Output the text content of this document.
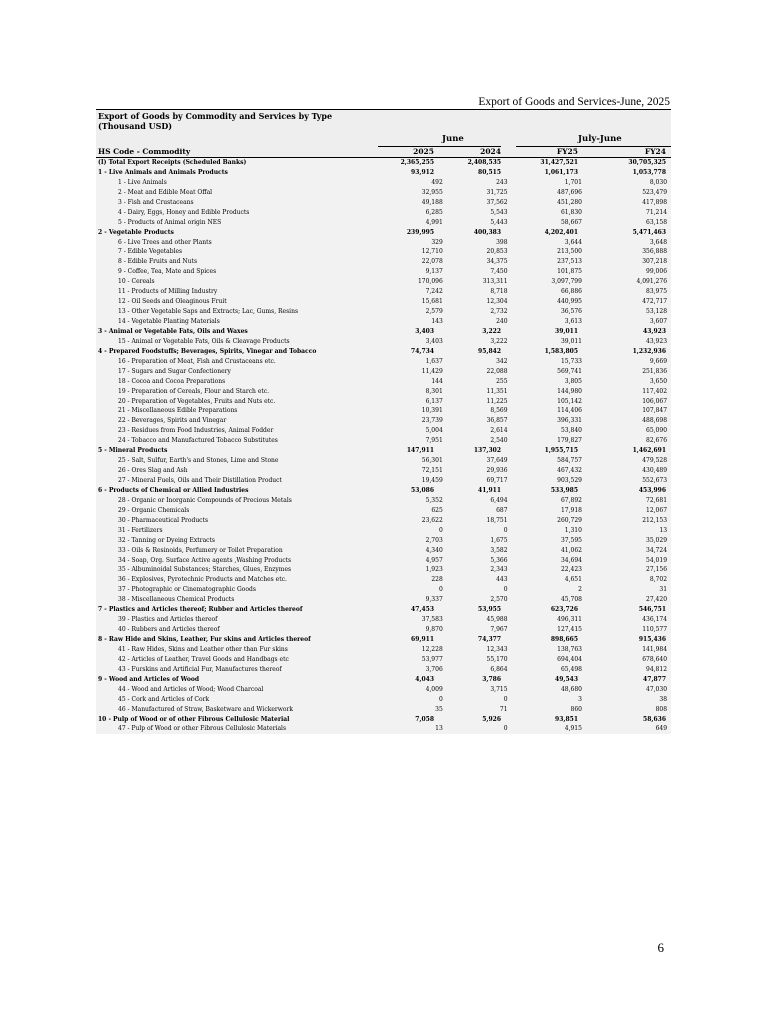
Export of Goods and Services-June, 2025
Export of Goods by Commodity and Services by Type
(Thousand USD)
June	July-June
HS Code - Commodity	2025	2024	FY25	FY24
(I) Total Export Receipts (Scheduled Banks)	2,365,255	2,408,535	31,427,521	30,705,325
1 - Live Animals and Animals Products	93,912	80,515	1,061,173	1,053,778
1 - Live Animals	492	243	1,701	8,030
2 - Meat and Edible Meat Offal	32,955	31,725	487,696	523,479
3 - Fish and Crustaceans	49,188	37,562	451,280	417,898
4 - Dairy, Eggs, Honey and Edible Products	6,285	5,543	61,830	71,214
5 - Products of Animal origin NES	4,991	5,443	58,667	63,158
2 - Vegetable Products	239,995	400,383	4,202,401	5,471,463
6 - Live Trees and other Plants	329	398	3,644	3,648
7 - Edible Vegetables	12,710	20,853	213,500	356,888
8 - Edible Fruits and Nuts	22,078	34,375	237,513	307,218
9 - Coffee, Tea, Mate and Spices	9,137	7,450	101,875	99,006
10 - Cereals	170,096	313,311	3,097,799	4,091,276
11 - Products of Milling Industry	7,242	8,718	66,886	83,975
12 - Oil Seeds and Oleaginous Fruit	15,681	12,304	440,995	472,717
13 - Other Vegetable Saps and Extracts; Lac, Gums, Resins	2,579	2,732	36,576	53,128
14 - Vegetable Planting Materials	143	240	3,613	3,607
3 - Animal or Vegetable Fats, Oils and Waxes	3,403	3,222	39,011	43,923
15 - Animal or Vegetable Fats, Oils & Cleavage Products	3,403	3,222	39,011	43,923
4 - Prepared Foodstuffs; Beverages, Spirits, Vinegar and Tobacco	74,734	95,842	1,583,805	1,232,936
16 - Preparation of Meat, Fish and Crustaceans etc.	1,637	342	15,733	9,669
17 - Sugars and Sugar Confectionery	11,429	22,088	569,741	251,836
18 - Cocoa and Cocoa Preparations	144	255	3,805	3,650
19 - Preparation of Cereals, Flour and Starch etc.	8,301	11,351	144,980	117,402
20 - Preparation of Vegetables, Fruits and Nuts etc.	6,137	11,225	105,142	106,067
21 - Miscellaneous Edible Preparations	10,391	8,569	114,406	107,847
22 - Beverages, Spirits and Vinegar	23,739	36,857	396,331	488,698
23 - Residues from Food Industries, Animal Fodder	5,004	2,614	53,840	65,090
24 - Tobacco and Manufactured Tobacco Substitutes	7,951	2,540	179,827	82,676
5 - Mineral Products	147,911	137,302	1,955,715	1,462,691
25 - Salt, Sulfur, Earth's and Stones, Lime and Stone	56,301	37,649	584,757	479,528
26 - Ores Slag and Ash	72,151	29,936	467,432	430,489
27 - Mineral Fuels, Oils and Their Distillation Product	19,459	69,717	903,529	552,673
6 - Products of Chemical or Allied Industries	53,086	41,911	533,985	453,996
28 - Organic or Inorganic Compounds of Precious Metals	5,352	6,494	67,892	72,681
29 - Organic Chemicals	625	687	17,918	12,067
30 - Pharmaceutical Products	23,622	18,751	260,729	212,153
31 - Fertilizers	0	0	1,310	13
32 - Tanning or Dyeing Extracts	2,703	1,675	37,595	35,029
33 - Oils & Resinoids, Perfumery or Toilet Preparation	4,340	3,582	41,062	34,724
34 - Soap, Org. Surface Active agents ,Washing Products	4,957	5,366	34,694	54,019
35 - Albuminoidal Substances; Starches, Glues, Enzymes	1,923	2,343	22,423	27,156
36 - Explosives, Pyrotechnic Products and Matches etc.	228	443	4,651	8,702
37 - Photographic or Cinematographic Goods	0	0	2	31
38 - Miscellaneous Chemical Products	9,337	2,570	45,708	27,420
7 - Plastics and Articles thereof; Rubber and Articles thereof	47,453	53,955	623,726	546,751
39 - Plastics and Articles thereof	37,583	45,988	496,311	436,174
40 - Rubbers and Articles thereof	9,870	7,967	127,415	110,577
8 - Raw Hide and Skins, Leather, Fur skins and Articles thereof	69,911	74,377	898,665	915,436
41 - Raw Hides, Skins and Leather other than Fur skins	12,228	12,343	138,763	141,984
42 - Articles of Leather, Travel Goods and Handbags etc	53,977	55,170	694,404	678,640
43 - Furskins and Artificial Fur, Manufactures thereof	3,706	6,864	65,498	94,812
9 - Wood and Articles of Wood	4,043	3,786	49,543	47,877
44 - Wood and Articles of Wood; Wood Charcoal	4,009	3,715	48,680	47,030
45 - Cork and Articles of Cork	0	0	3	38
46 - Manufactured of Straw, Basketware and Wickerwork	35	71	860	808
10 - Pulp of Wood or of other Fibrous Cellulosic Material	7,058	5,926	93,851	58,636
47 - Pulp of Wood or other Fibrous Cellulosic Materials	13	0	4,915	649
6
